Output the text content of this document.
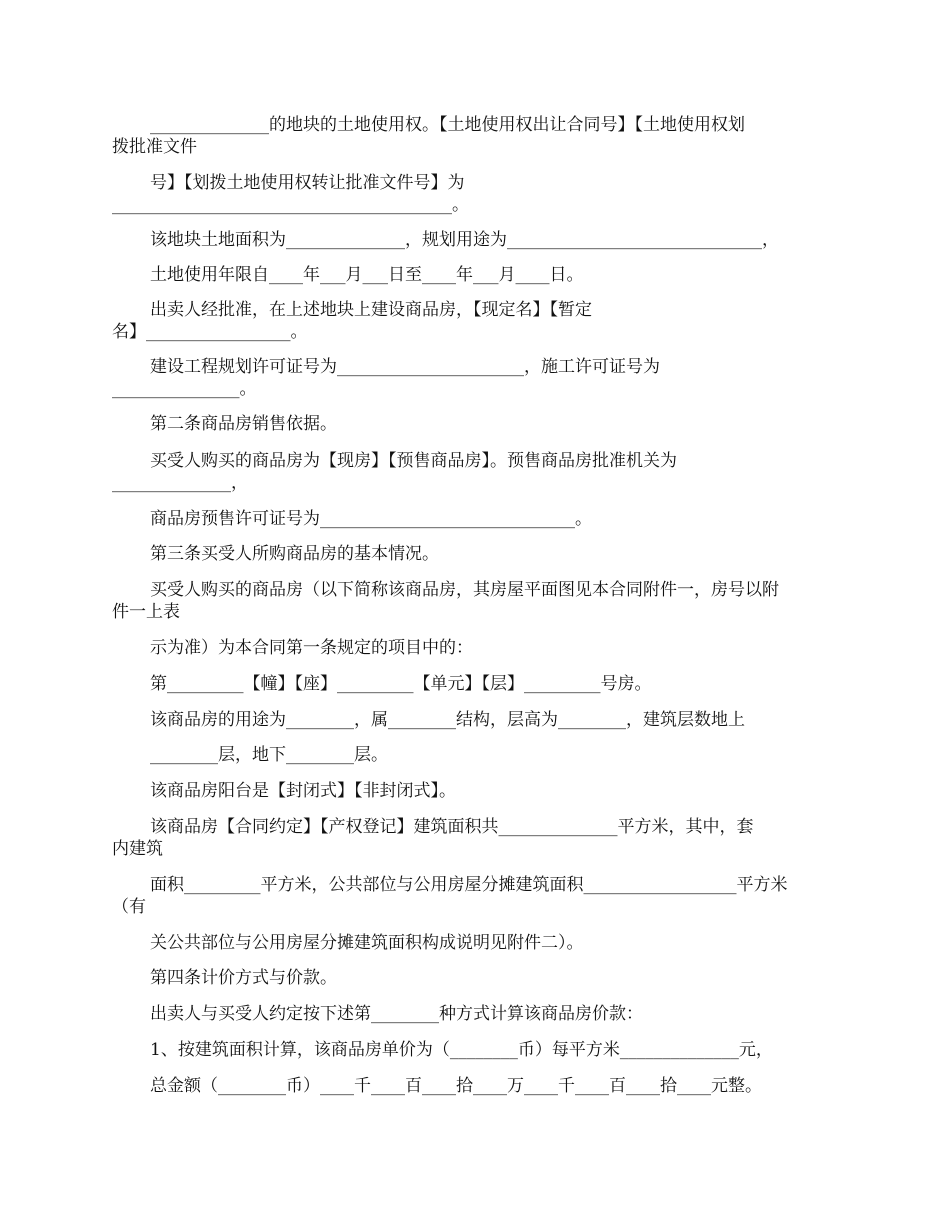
______________的地块的土地使用权。【土地使用权出让合同号】【土地使用权划

拨批准文件

号】【划拨土地使用权转让批准文件号】为

________________________________________。

该地块土地面积为______________，规划用途为______________________________，

土地使用年限自____年___月___日至____年___月____日。

出卖人经批准，在上述地块上建设商品房，【现定名】【暂定

名】_________________。

建设工程规划许可证号为______________________，施工许可证号为

_______________。

第二条商品房销售依据。

买受人购买的商品房为【现房】【预售商品房】。预售商品房批准机关为

______________，

商品房预售许可证号为______________________________。

第三条买受人所购商品房的基本情况。

买受人购买的商品房（以下简称该商品房，其房屋平面图见本合同附件一，房号以附

件一上表

示为准）为本合同第一条规定的项目中的：

第_________【幢】【座】_________【单元】【层】_________号房。

该商品房的用途为________，属________结构，层高为________，建筑层数地上

________层，地下________层。

该商品房阳台是【封闭式】【非封闭式】。

该商品房【合同约定】【产权登记】建筑面积共______________平方米，其中，套

内建筑

面积_________平方米，公共部位与公用房屋分摊建筑面积__________________平方米

（有

关公共部位与公用房屋分摊建筑面积构成说明见附件二）。

第四条计价方式与价款。

出卖人与买受人约定按下述第________种方式计算该商品房价款：

1、按建筑面积计算，该商品房单价为（________币）每平方米______________元，

总金额（________币）____千____百____拾____万____千____百____拾____元整。
